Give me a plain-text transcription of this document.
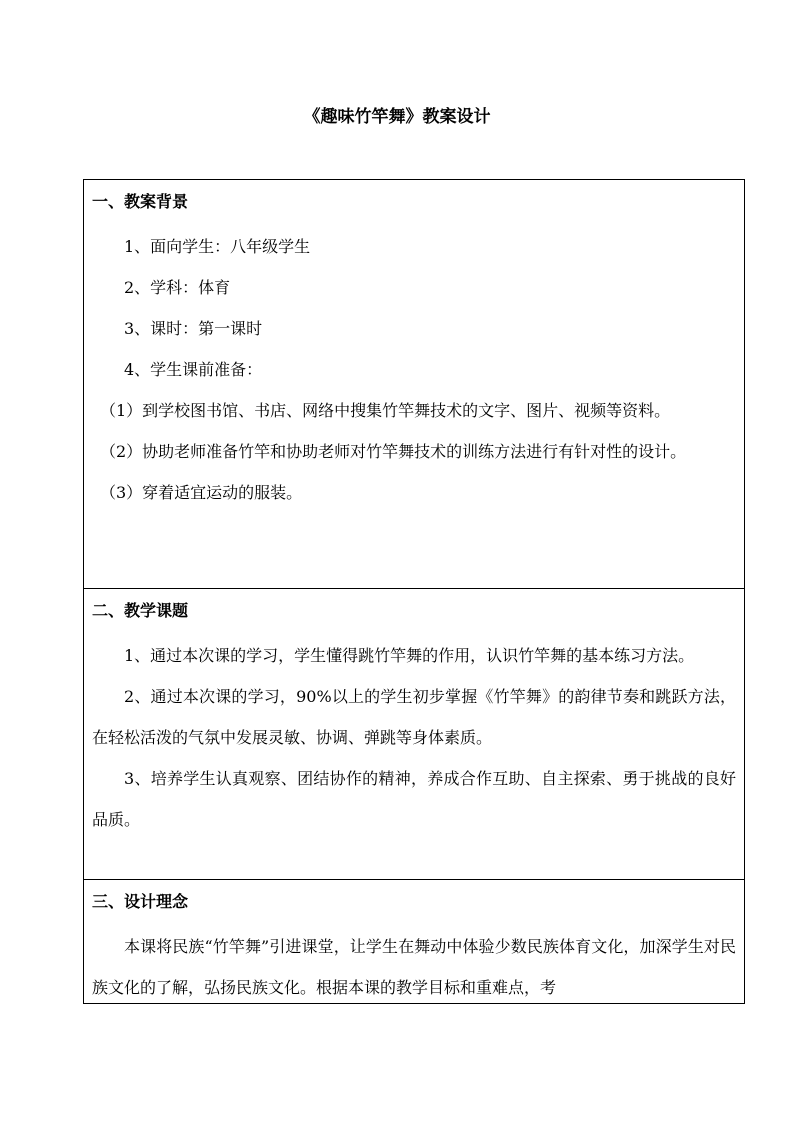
《趣味竹竿舞》教案设计

一、教案背景

1、面向学生：八年级学生

2、学科：体育

3、课时：第一课时

4、学生课前准备：

（1）到学校图书馆、书店、网络中搜集竹竿舞技术的文字、图片、视频等资料。

（2）协助老师准备竹竿和协助老师对竹竿舞技术的训练方法进行有针对性的设计。

（3）穿着适宜运动的服装。

二、教学课题

1、通过本次课的学习，学生懂得跳竹竿舞的作用，认识竹竿舞的基本练习方法。

2、通过本次课的学习，90%以上的学生初步掌握《竹竿舞》的韵律节奏和跳跃方法，在轻松活泼的气氛中发展灵敏、协调、弹跳等身体素质。

3、培养学生认真观察、团结协作的精神，养成合作互助、自主探索、勇于挑战的良好品质。

三、设计理念

本课将民族“竹竿舞”引进课堂，让学生在舞动中体验少数民族体育文化，加深学生对民族文化的了解，弘扬民族文化。根据本课的教学目标和重难点，考
